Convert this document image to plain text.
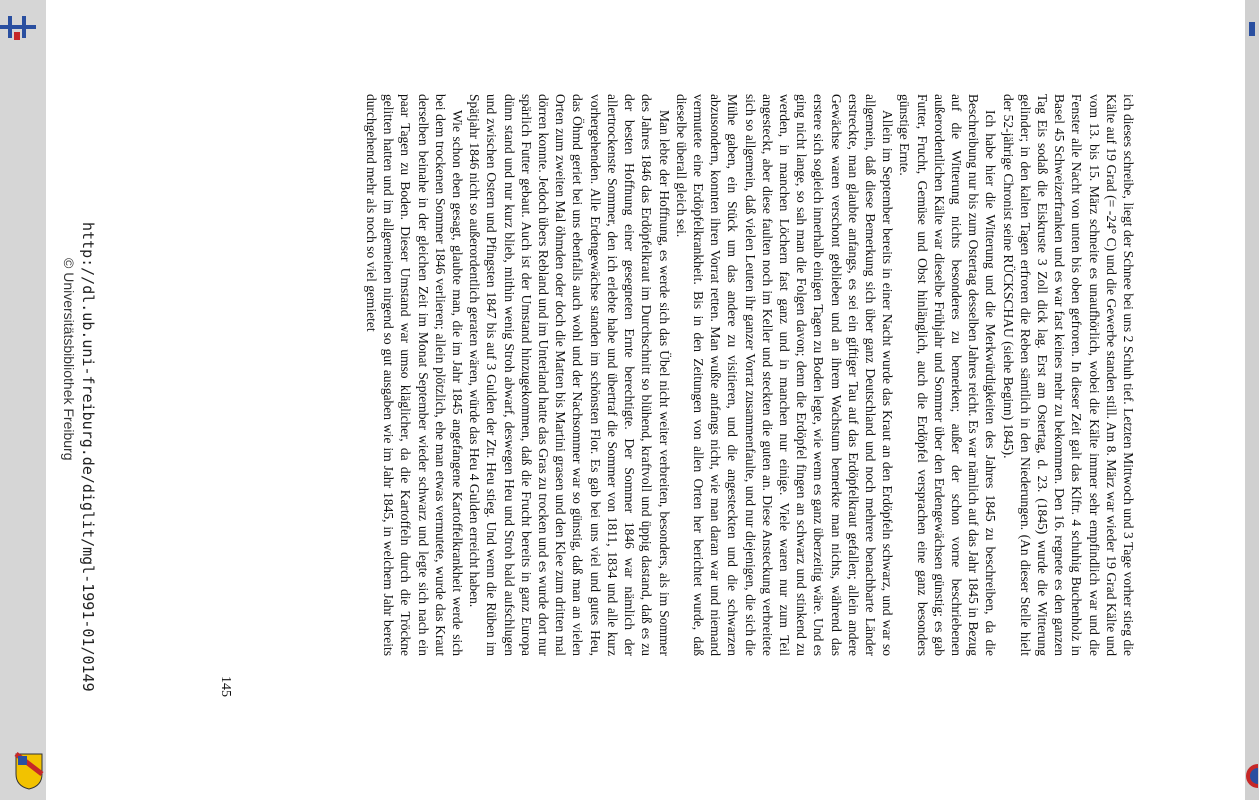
ich dieses schreibe, liegt der Schnee bei uns 2 Schuh tief. Letzten Mittwoch und 3 Tage vorher stieg die Kälte auf 19 Grad (= -24° C) und die Gewerbe standen still. Am 8. März war wieder 19 Grad Kälte und vom 13. bis 15. März schneite es unaufhörlich, wobei die Kälte immer sehr empfindlich war und die Fenster alle Nacht von unten bis oben gefroren. In dieser Zeit galt das Klftr. 4 schuhig Buchenholz in Basel 45 Schweizerfranken und es war fast keines mehr zu bekommen. Den 16. regnete es den ganzen Tag Eis sodaß die Eiskruste 3 Zoll dick lag. Erst am Ostertag, d. 23. (1845) wurde die Witterung gelinder; in den kalten Tagen erfroren die Reben sämtlich in den Niederungen. (An dieser Stelle hielt der 52-jährige Chronist seine RÜCKSCHAU (siehe Beginn) 1845).

Ich habe hier die Witterung und die Merkwürdigkeiten des Jahres 1845 zu beschreiben, da die Beschreibung nur bis zum Ostertag desselben Jahres reicht. Es war nämlich auf das Jahr 1845 in Bezug auf die Witterung nichts besonderes zu bemerken; außer der schon vorne beschriebenen außerordentlichen Kälte war dieselbe Frühjahr und Sommer über den Erdengewächsen günstig; es gab Futter, Frucht, Gemüse und Obst hinlänglich, auch die Erdöpfel versprachen eine ganz besonders günstige Ernte.

Allein im September bereits in einer Nacht wurde das Kraut an den Erdöpfeln schwarz, und war so allgemein, daß diese Bemerkung sich über ganz Deutschland und noch mehrere benachbarte Länder erstreckte, man glaubte anfangs, es sei ein giftiger Tau auf das Erdöpfelkraut gefallen; allein andere Gewächse waren verschont geblieben und an ihrem Wachstum bemerkte man nichts, während das erstere sich sogleich innerhalb einigen Tagen zu Boden legte, wie wenn es ganz überzeitig wäre. Und es ging nicht lange, so sah man die Folgen davon; denn die Erdöpfel fingen an schwarz und stinkend zu werden, in manchen Löchern fast ganz und in manchen nur einige. Viele waren nur zum Teil angesteckt, aber diese faulten noch im Keller und steckten die guten an. Diese Ansteckung verbreitete sich so allgemein, daß vielen Leuten ihr ganzer Vorrat zusammenfaulte, und nur diejenigen, die sich die Mühe gaben, ein Stück um das andere zu visitieren, und die angesteckten und die schwarzen abzusondern, konnten ihren Vorrat retten. Man wußte anfangs nicht, wie man daran war und niemand vermutete eine Erdöpfelkrankheit. Bis in den Zeitungen von allen Orten her berichtet wurde, daß dieselbe überall gleich sei.

Man lebte der Hoffnung, es werde sich das Übel nicht weiter verbreiten, besonders, als im Sommer des Jahres 1846 das Erdöpfelkraut im Durchschnitt so blühend, kraftvoll und üppig dastand, daß es zu der besten Hoffnung einer gesegneten Ernte berechtigte. Der Sommer 1846 war nämlich der allertrockenste Sommer, den ich erlebte habe und übertraf die Sommer von 1811, 1834 und alle kurz vorhergehenden. Alle Erdengewächse standen im schönsten Flor. Es gab bei uns viel und gutes Heu, das Öhmd geriet bei uns ebenfalls auch wohl und der Nachsommer war so günstig, daß man an vielen Orten zum zweiten Mal öhmden oder doch die Matten bis Martini grasen und den Klee zum dritten mal dörren konnte. Jedoch übers Rebland und im Unterland hatte das Gras zu trocken und es wurde dort nur spärlich Futter gebaut. Auch ist der Umstand hinzugekommen, daß die Frucht bereits in ganz Europa dünn stand und nur kurz blieb, mithin wenig Stroh abwarf, deswegen Heu und Stroh bald aufschlugen und zwischen Ostern und Pfingsten 1847 bis auf 3 Gulden der Ztr. Heu stieg. Und wenn die Rüben im Spätjahr 1846 nicht so außerordentlich geraten wären, würde das Heu 4 Gulden erreicht haben.

Wie schon eben gesagt, glaubte man, die im Jahr 1845 angefangene Kartoffelkrankheit werde sich bei dem trockenen Sommer 1846 verlieren; allein plötzlich, ehe man etwas vermutete, wurde das Kraut derselben beinahe in der gleichen Zeit im Monat September wieder schwarz und legte sich nach ein paar Tagen zu Boden. Dieser Umstand war umso kläglicher, da die Kartoffeln durch die Tröckne gelitten hatten und im allgemeinen nirgend so gut ausgaben wie im Jahr 1845, in welchem Jahr bereits durchgehend mehr als noch so viel gemietet

145
http://dl.ub.uni-freiburg.de/diglit/mgl-1991-01/0149
© Universitätsbibliothek Freiburg
